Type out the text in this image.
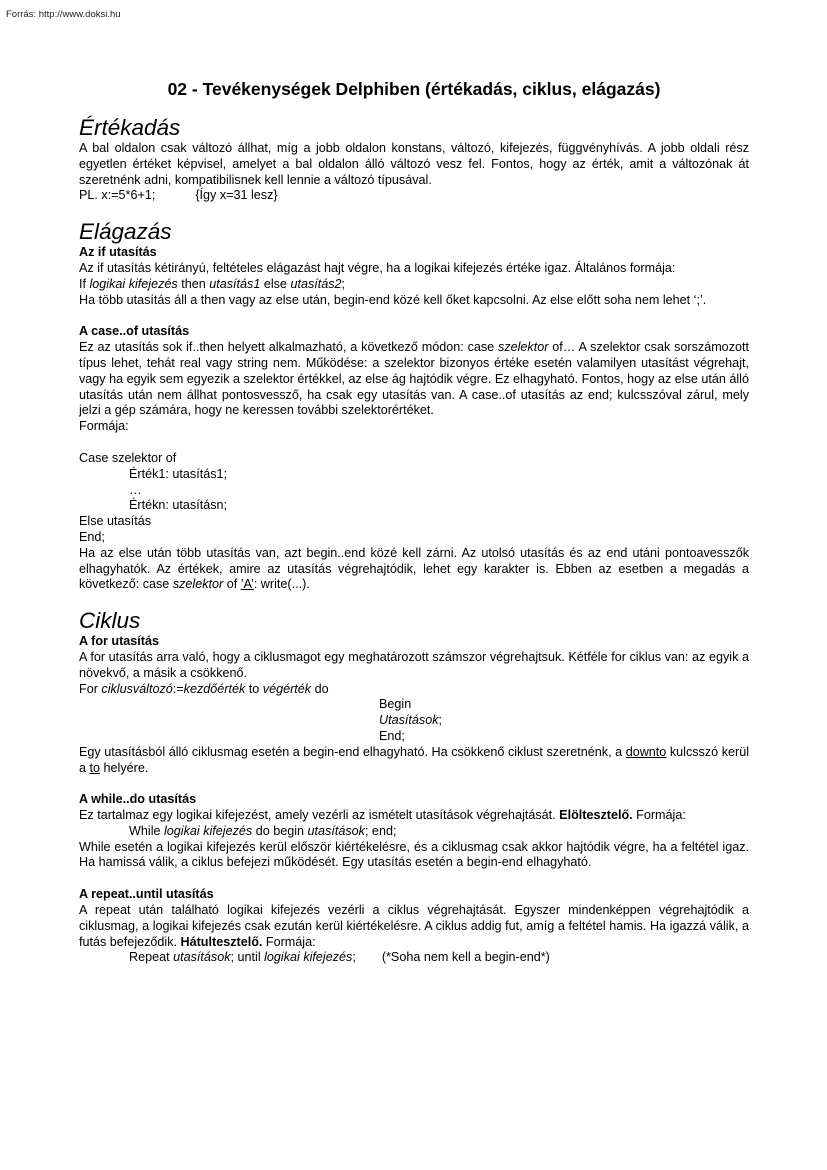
Forrás: http://www.doksi.hu
02 - Tevékenységek Delphiben (értékadás, ciklus, elágazás)
Értékadás

A bal oldalon csak változó állhat, míg a jobb oldalon konstans, változó, kifejezés, függvényhívás. A jobb oldali rész egyetlen értéket képvisel, amelyet a bal oldalon álló változó vesz fel. Fontos, hogy az érték, amit a változónak át szeretnénk adni, kompatibilisnek kell lennie a változó típusával.

PL. x:=5*6+1;	{Így x=31 lesz}

Elágazás
Az if utasítás

Az if utasítás kétirányú, feltételes elágazást hajt végre, ha a logikai kifejezés értéke igaz. Általános formája:

If logikai kifejezés then utasítás1 else utasítás2;

Ha több utasítás áll a then vagy az else után, begin-end közé kell őket kapcsolni. Az else előtt soha nem lehet ‘;’.

A case..of utasítás

Ez az utasítás sok if..then helyett alkalmazható, a következő módon: case szelektor of… A szelektor csak sorszámozott típus lehet, tehát real vagy string nem. Működése: a szelektor bizonyos értéke esetén valamilyen utasítást végrehajt, vagy ha egyik sem egyezik a szelektor értékkel, az else ág hajtódik végre. Ez elhagyható. Fontos, hogy az else után álló utasítás után nem állhat pontosvessző, ha csak egy utasítás van. A case..of utasítás az end; kulcsszóval zárul, mely jelzi a gép számára, hogy ne keressen további szelektorértéket.

Formája:

Case szelektor of

Érték1: utasítás1;

…

Értékn: utasításn;

Else utasítás

End;

Ha az else után több utasítás van, azt begin..end közé kell zárni. Az utolsó utasítás és az end utáni pontoavesszők elhagyhatók. Az értékek, amire az utasítás végrehajtódik, lehet egy karakter is. Ebben az esetben a megadás a következő: case szelektor of ’A’: write(...).

Ciklus
A for utasítás

A for utasítás arra való, hogy a ciklusmagot egy meghatározott számszor végrehajtsuk. Kétféle for ciklus van: az egyik a növekvő, a másik a csökkenő.

For ciklusváltozó:=kezdőérték to végérték do

Begin

Utasítások;

End;

Egy utasításból álló ciklusmag esetén a begin-end elhagyható. Ha csökkenő ciklust szeretnénk, a downto kulcsszó kerül a to helyére.

A while..do utasítás

Ez tartalmaz egy logikai kifejezést, amely vezérli az ismételt utasítások végrehajtását. Elöltesztelő. Formája:

While logikai kifejezés do begin utasítások; end;

While esetén a logikai kifejezés kerül először kiértékelésre, és a ciklusmag csak akkor hajtódik végre, ha a feltétel igaz. Ha hamissá válik, a ciklus befejezi működését. Egy utasítás esetén a begin-end elhagyható.

A repeat..until utasítás

A repeat után található logikai kifejezés vezérli a ciklus végrehajtását. Egyszer mindenképpen végrehajtódik a ciklusmag, a logikai kifejezés csak ezután kerül kiértékelésre. A ciklus addig fut, amíg a feltétel hamis. Ha igazzá válik, a futás befejeződik. Hátultesztelő. Formája:

Repeat utasítások; until logikai kifejezés; (*Soha nem kell a begin-end*)
